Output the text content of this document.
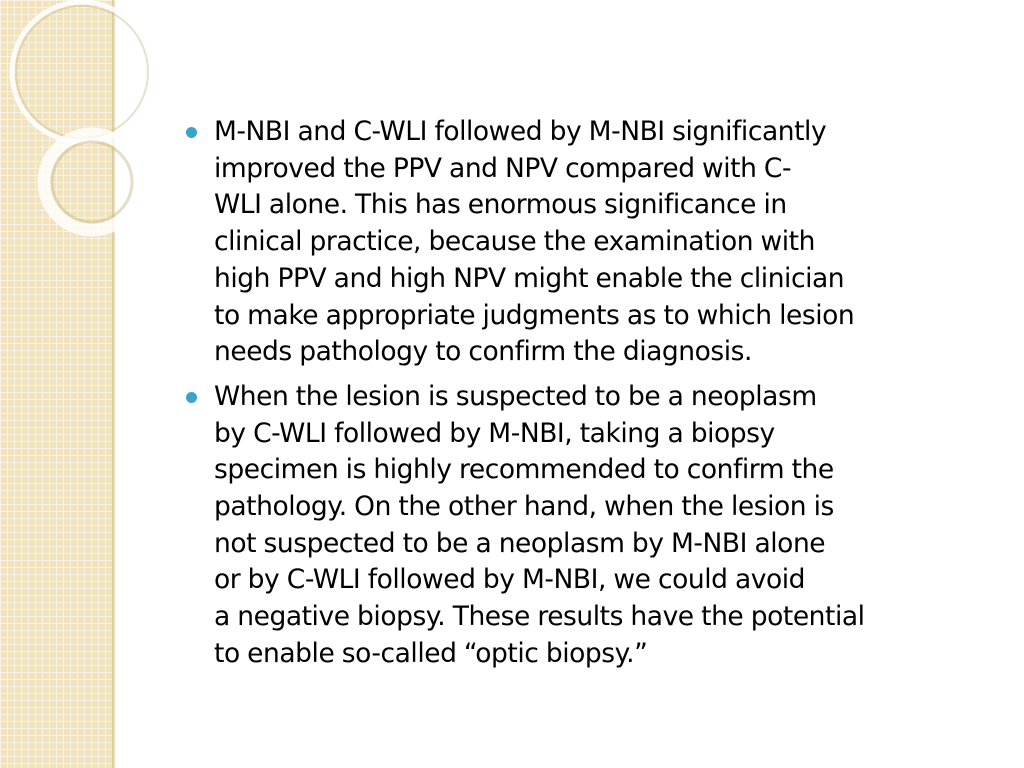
M-NBI and C-WLI followed by M-NBI significantly
improved the PPV and NPV compared with C-
WLI alone. This has enormous significance in
clinical practice, because the examination with
high PPV and high NPV might enable the clinician
to make appropriate judgments as to which lesion
needs pathology to confirm the diagnosis.
When the lesion is suspected to be a neoplasm
by C-WLI followed by M-NBI, taking a biopsy
specimen is highly recommended to confirm the
pathology. On the other hand, when the lesion is
not suspected to be a neoplasm by M-NBI alone
or by C-WLI followed by M-NBI, we could avoid
a negative biopsy. These results have the potential
to enable so-called “optic biopsy.”
